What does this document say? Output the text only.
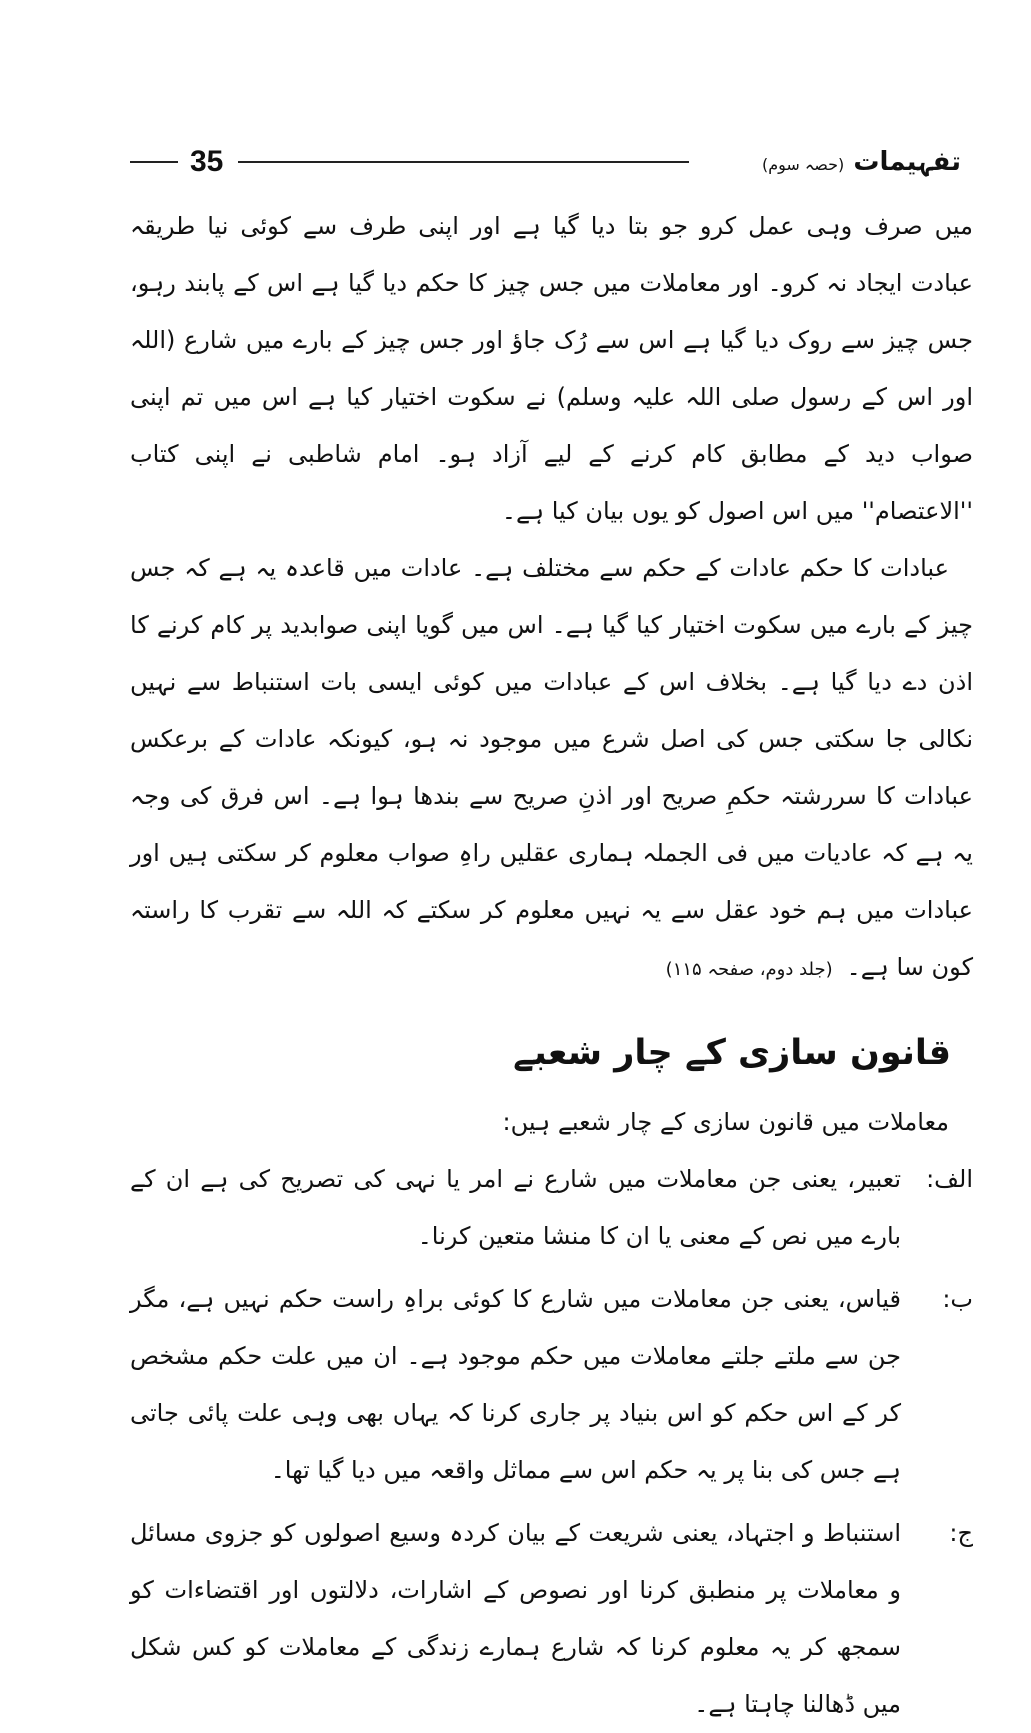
تفہیمات (حصہ سوم)
35

میں صرف وہی عمل کرو جو بتا دیا گیا ہے اور اپنی طرف سے کوئی نیا طریقہ عبادت ایجاد نہ کرو۔ اور معاملات میں جس چیز کا حکم دیا گیا ہے اس کے پابند رہو، جس چیز سے روک دیا گیا ہے اس سے رُک جاؤ اور جس چیز کے بارے میں شارع (اللہ اور اس کے رسول صلی اللہ علیہ وسلم) نے سکوت اختیار کیا ہے اس میں تم اپنی صواب دید کے مطابق کام کرنے کے لیے آزاد ہو۔ امام شاطبی نے اپنی کتاب ''الاعتصام'' میں اس اصول کو یوں بیان کیا ہے۔

عبادات کا حکم عادات کے حکم سے مختلف ہے۔ عادات میں قاعدہ یہ ہے کہ جس چیز کے بارے میں سکوت اختیار کیا گیا ہے۔ اس میں گویا اپنی صوابدید پر کام کرنے کا اذن دے دیا گیا ہے۔ بخلاف اس کے عبادات میں کوئی ایسی بات استنباط سے نہیں نکالی جا سکتی جس کی اصل شرع میں موجود نہ ہو، کیونکہ عادات کے برعکس عبادات کا سررشتہ حکمِ صریح اور اذنِ صریح سے بندھا ہوا ہے۔ اس فرق کی وجہ یہ ہے کہ عادیات میں فی الجملہ ہماری عقلیں راہِ صواب معلوم کر سکتی ہیں اور عبادات میں ہم خود عقل سے یہ نہیں معلوم کر سکتے کہ اللہ سے تقرب کا راستہ کون سا ہے۔(جلد دوم، صفحہ ۱۱۵)

قانون سازی کے چار شعبے

معاملات میں قانون سازی کے چار شعبے ہیں:

الف:

تعبیر، یعنی جن معاملات میں شارع نے امر یا نہی کی تصریح کی ہے ان کے بارے میں نص کے معنی یا ان کا منشا متعین کرنا۔

ب:

قیاس، یعنی جن معاملات میں شارع کا کوئی براہِ راست حکم نہیں ہے، مگر جن سے ملتے جلتے معاملات میں حکم موجود ہے۔ ان میں علت حکم مشخص کر کے اس حکم کو اس بنیاد پر جاری کرنا کہ یہاں بھی وہی علت پائی جاتی ہے جس کی بنا پر یہ حکم اس سے مماثل واقعہ میں دیا گیا تھا۔

ج:

استنباط و اجتہاد، یعنی شریعت کے بیان کردہ وسیع اصولوں کو جزوی مسائل و معاملات پر منطبق کرنا اور نصوص کے اشارات، دلالتوں اور اقتضاءات کو سمجھ کر یہ معلوم کرنا کہ شارع ہمارے زندگی کے معاملات کو کس شکل میں ڈھالنا چاہتا ہے۔
